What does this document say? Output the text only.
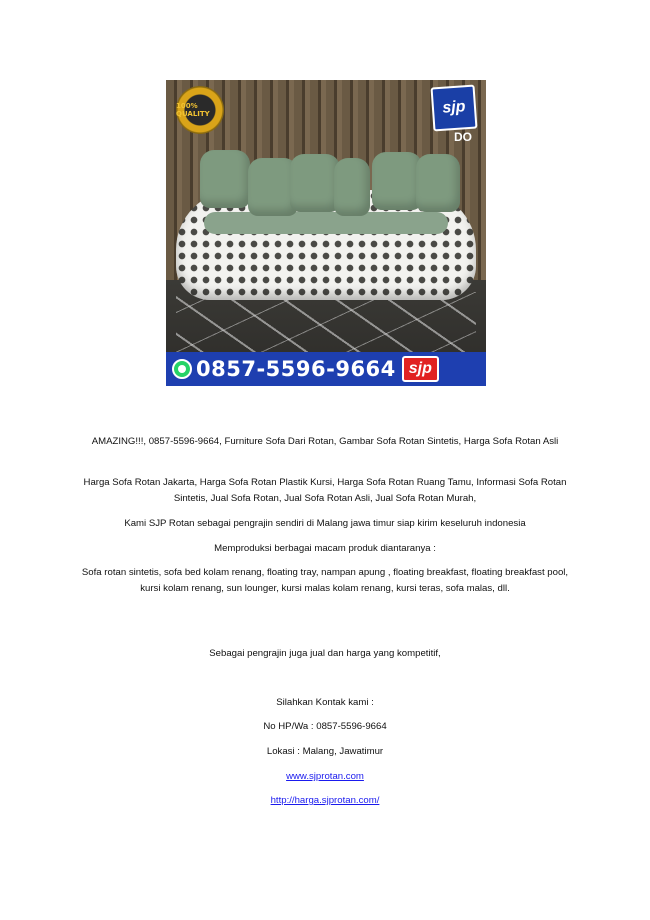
100% QUALITY	sjp
DO
0857-5596-9664 sjp
AMAZING!!!, 0857-5596-9664, Furniture Sofa Dari Rotan, Gambar Sofa Rotan Sintetis, Harga Sofa Rotan Asli
Harga Sofa Rotan Jakarta, Harga Sofa Rotan Plastik Kursi, Harga Sofa Rotan Ruang Tamu, Informasi Sofa Rotan Sintetis, Jual Sofa Rotan, Jual Sofa Rotan Asli, Jual Sofa Rotan Murah,
Kami SJP Rotan sebagai pengrajin sendiri di Malang jawa timur siap kirim keseluruh indonesia
Memproduksi berbagai macam produk diantaranya :
Sofa rotan sintetis, sofa bed kolam renang, floating tray, nampan apung , floating breakfast, floating breakfast pool, kursi kolam renang, sun lounger, kursi malas kolam renang, kursi teras, sofa malas, dll.
Sebagai pengrajin juga jual dan harga yang kompetitif,
Silahkan Kontak kami :
No HP/Wa : 0857-5596-9664
Lokasi : Malang, Jawatimur
www.sjprotan.com
http://harga.sjprotan.com/
